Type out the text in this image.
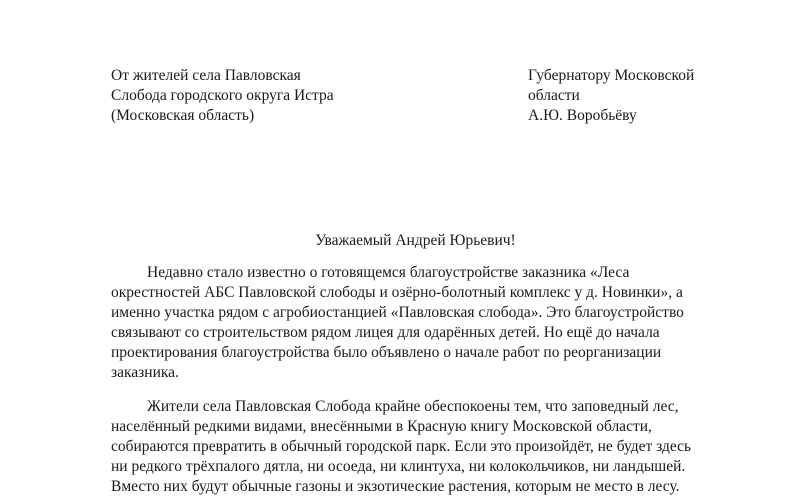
От жителей села Павловская
Слобода городского округа Истра
(Московская область)
Губернатору Московской
области
А.Ю. Воробьёву
Уважаемый Андрей Юрьевич!
Недавно стало известно о готовящемся благоустройстве заказника «Леса
окрестностей АБС Павловской слободы и озёрно-болотный комплекс у д. Новинки», а
именно участка рядом с агробиостанцией «Павловская слобода». Это благоустройство
связывают со строительством рядом лицея для одарённых детей. Но ещё до начала
проектирования благоустройства было объявлено о начале работ по реорганизации
заказника.
Жители села Павловская Слобода крайне обеспокоены тем, что заповедный лес,
населённый редкими видами, внесёнными в Красную книгу Московской области,
собираются превратить в обычный городской парк. Если это произойдёт, не будет здесь
ни редкого трёхпалого дятла, ни осоеда, ни клинтуха, ни колокольчиков, ни ландышей.
Вместо них будут обычные газоны и экзотические растения, которым не место в лесу.
